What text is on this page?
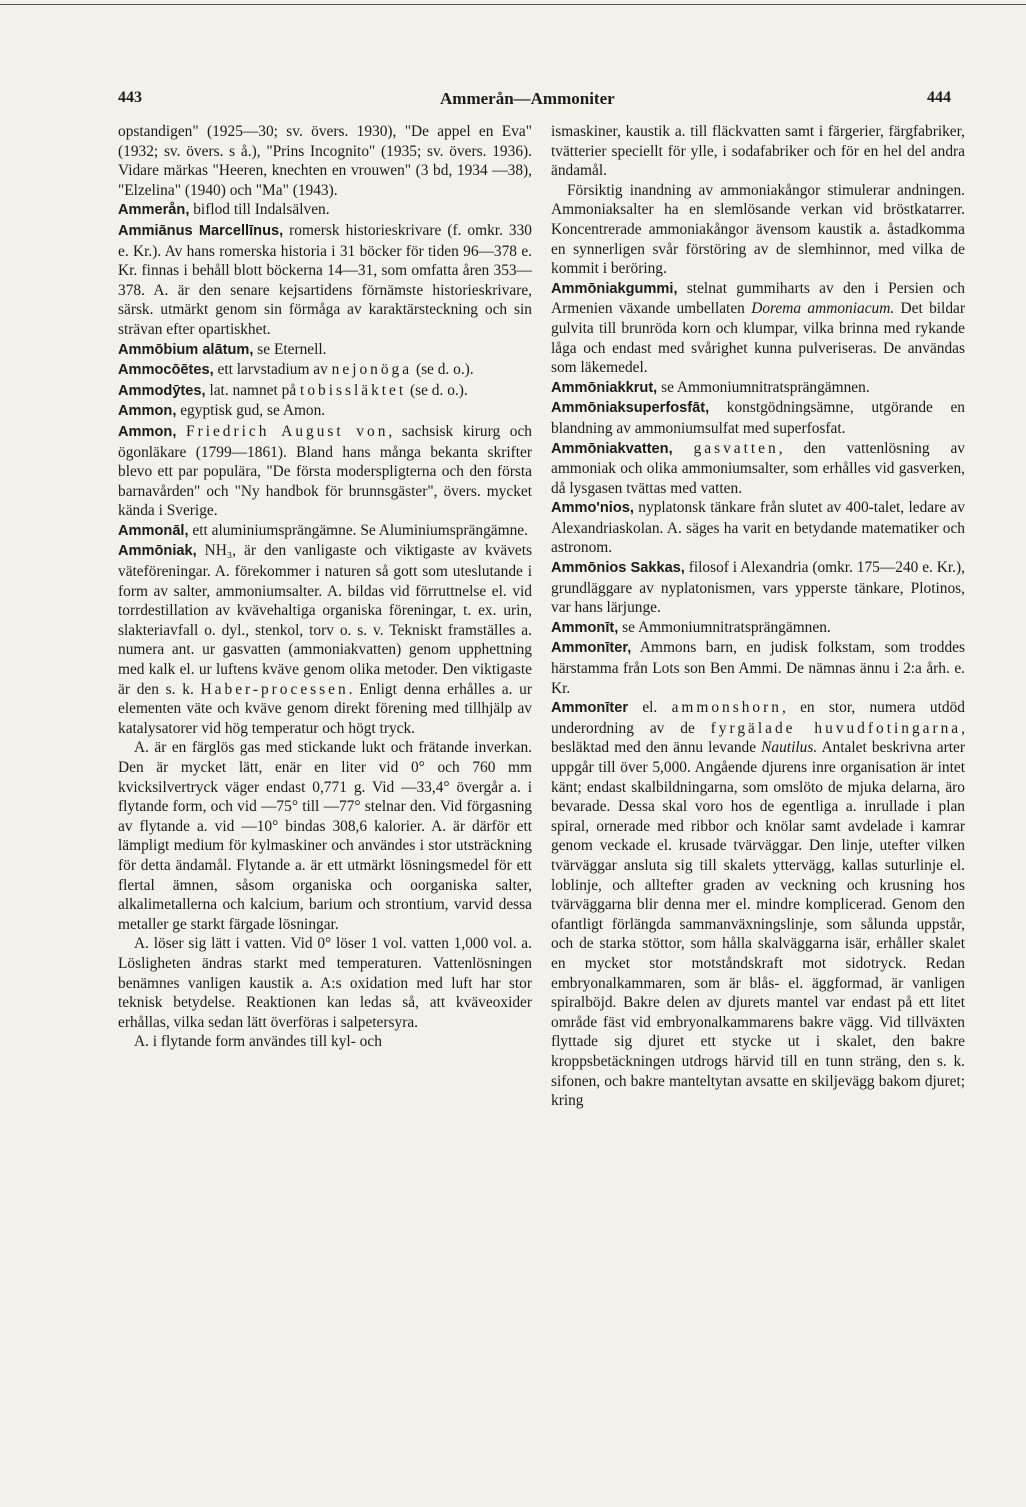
443	Ammerån—Ammoniter	444

opstandigen" (1925—30; sv. övers. 1930), "De appel en Eva" (1932; sv. övers. s å.), "Prins Incognito" (1935; sv. övers. 1936). Vidare märkas "Heeren, knechten en vrouwen" (3 bd, 1934 —38), "Elzelina" (1940) och "Ma" (1943).

Ammerån, biflod till Indalsälven.

Ammiānus Marcellīnus, romersk historieskrivare (f. omkr. 330 e. Kr.). Av hans romerska historia i 31 böcker för tiden 96—378 e. Kr. finnas i behåll blott böckerna 14—31, som omfatta åren 353—378. A. är den senare kejsartidens förnämste historieskrivare, särsk. utmärkt genom sin förmåga av karaktärsteckning och sin strävan efter opartiskhet.

Ammōbium alātum, se Eternell.

Ammocōētes, ett larvstadium av nejonöga (se d. o.).

Ammodȳtes, lat. namnet på tobissläktet (se d. o.).

Ammon, egyptisk gud, se Amon.

Ammon, Friedrich August von, sachsisk kirurg och ögonläkare (1799—1861). Bland hans många bekanta skrifter blevo ett par populära, "De första moderspligterna och den första barnavården" och "Ny handbok för brunnsgäster", övers. mycket kända i Sverige.

Ammonāl, ett aluminiumsprängämne. Se Aluminiumsprängämne.

Ammōniak, NH₃, är den vanligaste och viktigaste av kvävets väteföreningar. A. förekommer i naturen så gott som uteslutande i form av salter, ammoniumsalter. A. bildas vid förruttnelse el. vid torrdestillation av kvävehaltiga organiska föreningar, t. ex. urin, slakteriavfall o. dyl., stenkol, torv o. s. v. Tekniskt framställes a. numera ant. ur gasvatten (ammoniakvatten) genom upphettning med kalk el. ur luftens kväve genom olika metoder. Den viktigaste är den s. k. Haber-processen. Enligt denna erhålles a. ur elementen väte och kväve genom direkt förening med tillhjälp av katalysatorer vid hög temperatur och högt tryck.

A. är en färglös gas med stickande lukt och frätande inverkan. Den är mycket lätt, enär en liter vid 0° och 760 mm kvicksilvertryck väger endast 0,771 g. Vid —33,4° övergår a. i flytande form, och vid —75° till —77° stelnar den. Vid förgasning av flytande a. vid —10° bindas 308,6 kalorier. A. är därför ett lämpligt medium för kylmaskiner och användes i stor utsträckning för detta ändamål. Flytande a. är ett utmärkt lösningsmedel för ett flertal ämnen, såsom organiska och oorganiska salter, alkalimetallerna och kalcium, barium och strontium, varvid dessa metaller ge starkt färgade lösningar.

A. löser sig lätt i vatten. Vid 0° löser 1 vol. vatten 1,000 vol. a. Lösligheten ändras starkt med temperaturen. Vattenlösningen benämnes vanligen kaustik a. A:s oxidation med luft har stor teknisk betydelse. Reaktionen kan ledas så, att kväveoxider erhållas, vilka sedan lätt överföras i salpetersyra.

A. i flytande form användes till kyl- och

ismaskiner, kaustik a. till fläckvatten samt i färgerier, färgfabriker, tvätterier speciellt för ylle, i sodafabriker och för en hel del andra ändamål.

Försiktig inandning av ammoniakångor stimulerar andningen. Ammoniaksalter ha en slemlösande verkan vid bröstkatarrer. Koncentrerade ammoniakångor ävensom kaustik a. åstadkomma en synnerligen svår förstöring av de slemhinnor, med vilka de kommit i beröring.

Ammōniakgummi, stelnat gummiharts av den i Persien och Armenien växande umbellaten Dorema ammoniacum. Det bildar gulvita till brunröda korn och klumpar, vilka brinna med rykande låga och endast med svårighet kunna pulveriseras. De användas som läkemedel.

Ammōniakkrut, se Ammoniumnitratsprängämnen.

Ammōniaksuperfosfāt, konstgödningsämne, utgörande en blandning av ammoniumsulfat med superfosfat.

Ammōniakvatten, gasvatten, den vattenlösning av ammoniak och olika ammoniumsalter, som erhålles vid gasverken, då lysgasen tvättas med vatten.

Ammo'nios, nyplatonsk tänkare från slutet av 400-talet, ledare av Alexandriaskolan. A. säges ha varit en betydande matematiker och astronom.

Ammōnios Sakkas, filosof i Alexandria (omkr. 175—240 e. Kr.), grundläggare av nyplatonismen, vars ypperste tänkare, Plotinos, var hans lärjunge.

Ammonīt, se Ammoniumnitratsprängämnen.

Ammonīter, Ammons barn, en judisk folkstam, som troddes härstamma från Lots son Ben Ammi. De nämnas ännu i 2:a årh. e. Kr.

Ammonīter el. ammonshorn, en stor, numera utdöd underordning av de fyrgälade huvudfotingarna, besläktad med den ännu levande Nautilus. Antalet beskrivna arter uppgår till över 5,000. Angående djurens inre organisation är intet känt; endast skalbildningarna, som omslöto de mjuka delarna, äro bevarade. Dessa skal voro hos de egentliga a. inrullade i plan spiral, ornerade med ribbor och knölar samt avdelade i kamrar genom veckade el. krusade tvärväggar. Den linje, utefter vilken tvärväggar ansluta sig till skalets yttervägg, kallas suturlinje el. loblinje, och alltefter graden av veckning och krusning hos tvärväggarna blir denna mer el. mindre komplicerad. Genom den ofantligt förlängda sammanväxningslinje, som sålunda uppstår, och de starka stöttor, som hålla skalväggarna isär, erhåller skalet en mycket stor motståndskraft mot sidotryck. Redan embryonalkammaren, som är blås- el. äggformad, är vanligen spiralböjd. Bakre delen av djurets mantel var endast på ett litet område fäst vid embryonalkammarens bakre vägg. Vid tillväxten flyttade sig djuret ett stycke ut i skalet, den bakre kroppsbetäckningen utdrogs härvid till en tunn sträng, den s. k. sifonen, och bakre manteltytan avsatte en skiljevägg bakom djuret; kring
